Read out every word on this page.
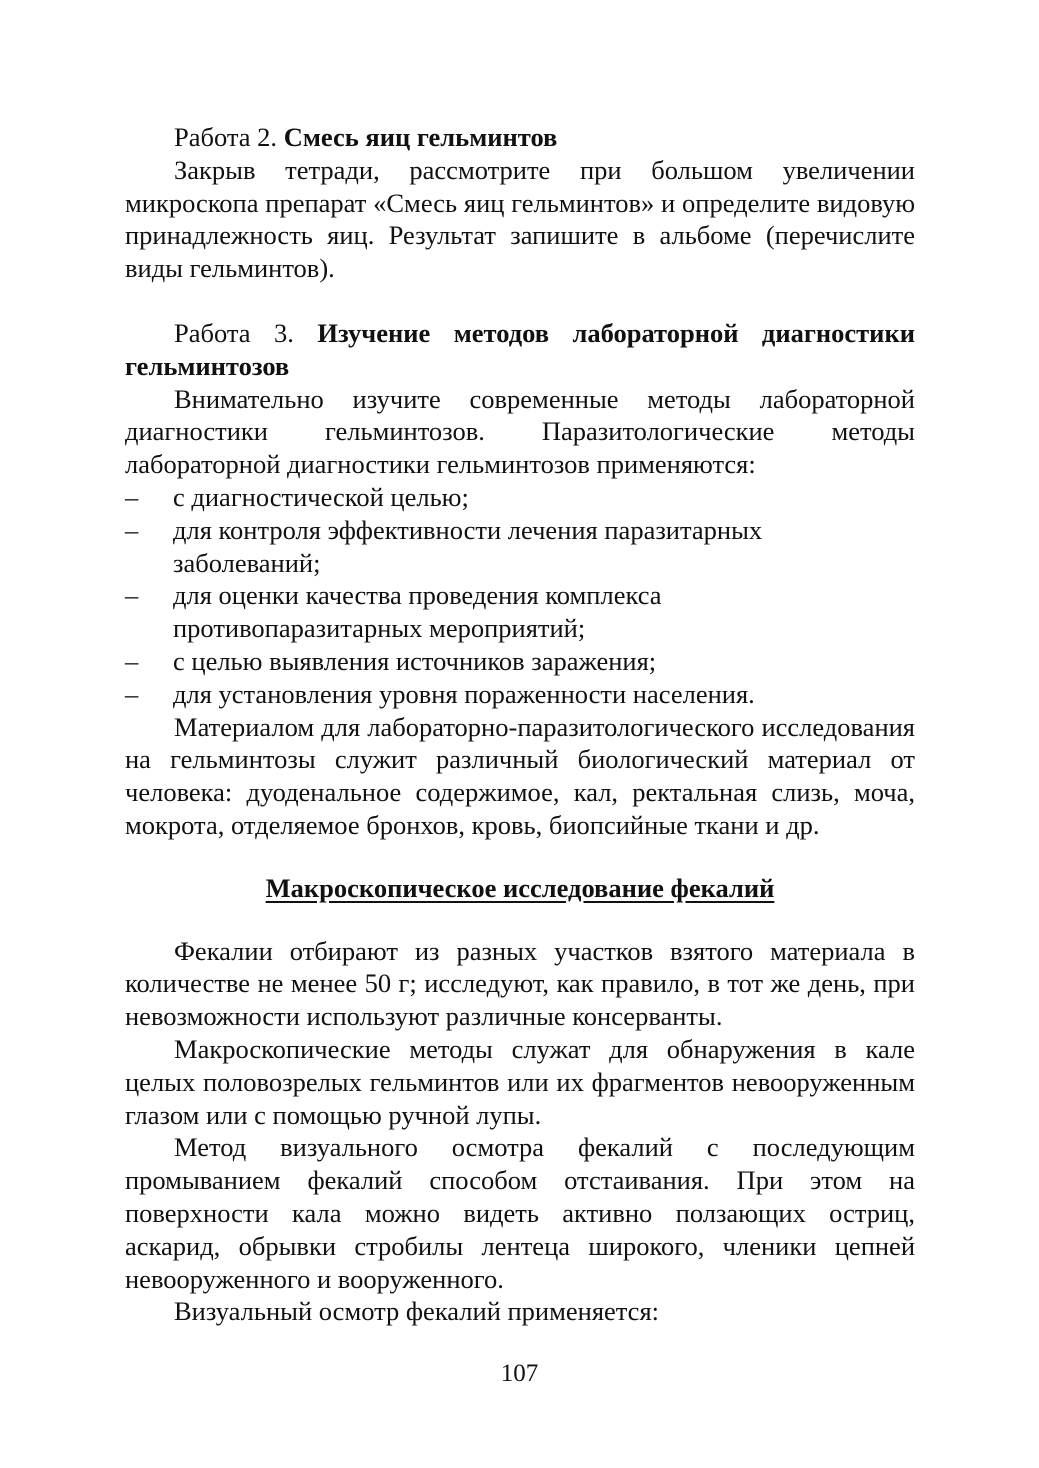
Работа 2. Смесь яиц гельминтов

Закрыв тетради, рассмотрите при большом увеличении микроскопа препарат «Смесь яиц гельминтов» и определите видовую принадлежность яиц. Результат запишите в альбоме (перечислите виды гельминтов).

Работа 3. Изучение методов лабораторной диагностики гельминтозов

Внимательно изучите современные методы лабораторной диагностики гельминтозов. Паразитологические методы лабораторной диагностики гельминтозов применяются:

– с диагностической целью;
– для контроля эффективности лечения паразитарных заболеваний;
– для оценки качества проведения комплекса противопаразитарных мероприятий;
– с целью выявления источников заражения;
– для установления уровня пораженности населения.

Материалом для лабораторно-паразитологического исследования на гельминтозы служит различный биологический материал от человека: дуоденальное содержимое, кал, ректальная слизь, моча, мокрота, отделяемое бронхов, кровь, биопсийные ткани и др.

Макроскопическое исследование фекалий

Фекалии отбирают из разных участков взятого материала в количестве не менее 50 г; исследуют, как правило, в тот же день, при невозможности используют различные консерванты.

Макроскопические методы служат для обнаружения в кале целых половозрелых гельминтов или их фрагментов невооруженным глазом или с помощью ручной лупы.

Метод визуального осмотра фекалий с последующим промыванием фекалий способом отстаивания. При этом на поверхности кала можно видеть активно ползающих остриц, аскарид, обрывки стробилы лентеца широкого, членики цепней невооруженного и вооруженного.

Визуальный осмотр фекалий применяется:

107
